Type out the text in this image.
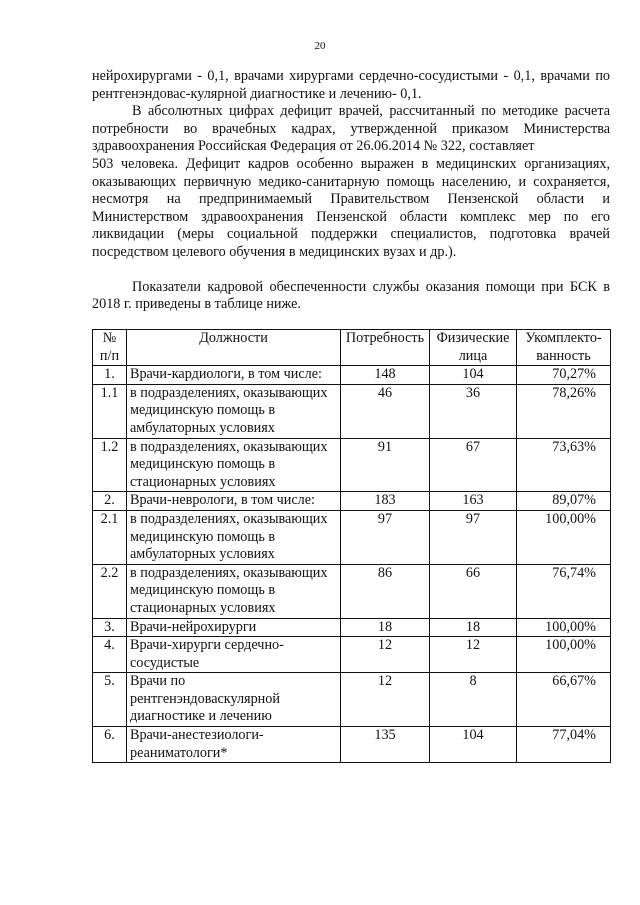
20

нейрохирургами - 0,1, врачами хирургами сердечно-сосудистыми - 0,1, врачами по рентгенэндовас-кулярной диагностике и лечению- 0,1.

В абсолютных цифрах дефицит врачей, рассчитанный по методике расчета потребности во врачебных кадрах, утвержденной приказом Министерства здравоохранения Российская Федерация от 26.06.2014 № 322, составляет

503 человека. Дефицит кадров особенно выражен в медицинских организациях, оказывающих первичную медико-санитарную помощь населению, и сохраняется, несмотря на предпринимаемый Правительством Пензенской области и Министерством здравоохранения Пензенской области комплекс мер по его ликвидации (меры социальной поддержки специалистов, подготовка врачей посредством целевого обучения в медицинских вузах и др.).

Показатели кадровой обеспеченности службы оказания помощи при БСК в 2018 г. приведены в таблице ниже.

№ п/п	Должности	Потребность	Физические лица	Укомплекто-ванность
1.	Врачи-кардиологи, в том числе:	148	104	70,27%
1.1	в подразделениях, оказывающих медицинскую помощь в амбулаторных условиях	46	36	78,26%
1.2	в подразделениях, оказывающих медицинскую помощь в стационарных условиях	91	67	73,63%
2.	Врачи-неврологи, в том числе:	183	163	89,07%
2.1	в подразделениях, оказывающих медицинскую помощь в амбулаторных условиях	97	97	100,00%
2.2	в подразделениях, оказывающих медицинскую помощь в стационарных условиях	86	66	76,74%
3.	Врачи-нейрохирурги	18	18	100,00%
4.	Врачи-хирурги сердечно-сосудистые	12	12	100,00%
5.	Врачи по рентгенэндоваскулярной диагностике и лечению	12	8	66,67%
6.	Врачи-анестезиологи-реаниматологи*	135	104	77,04%
